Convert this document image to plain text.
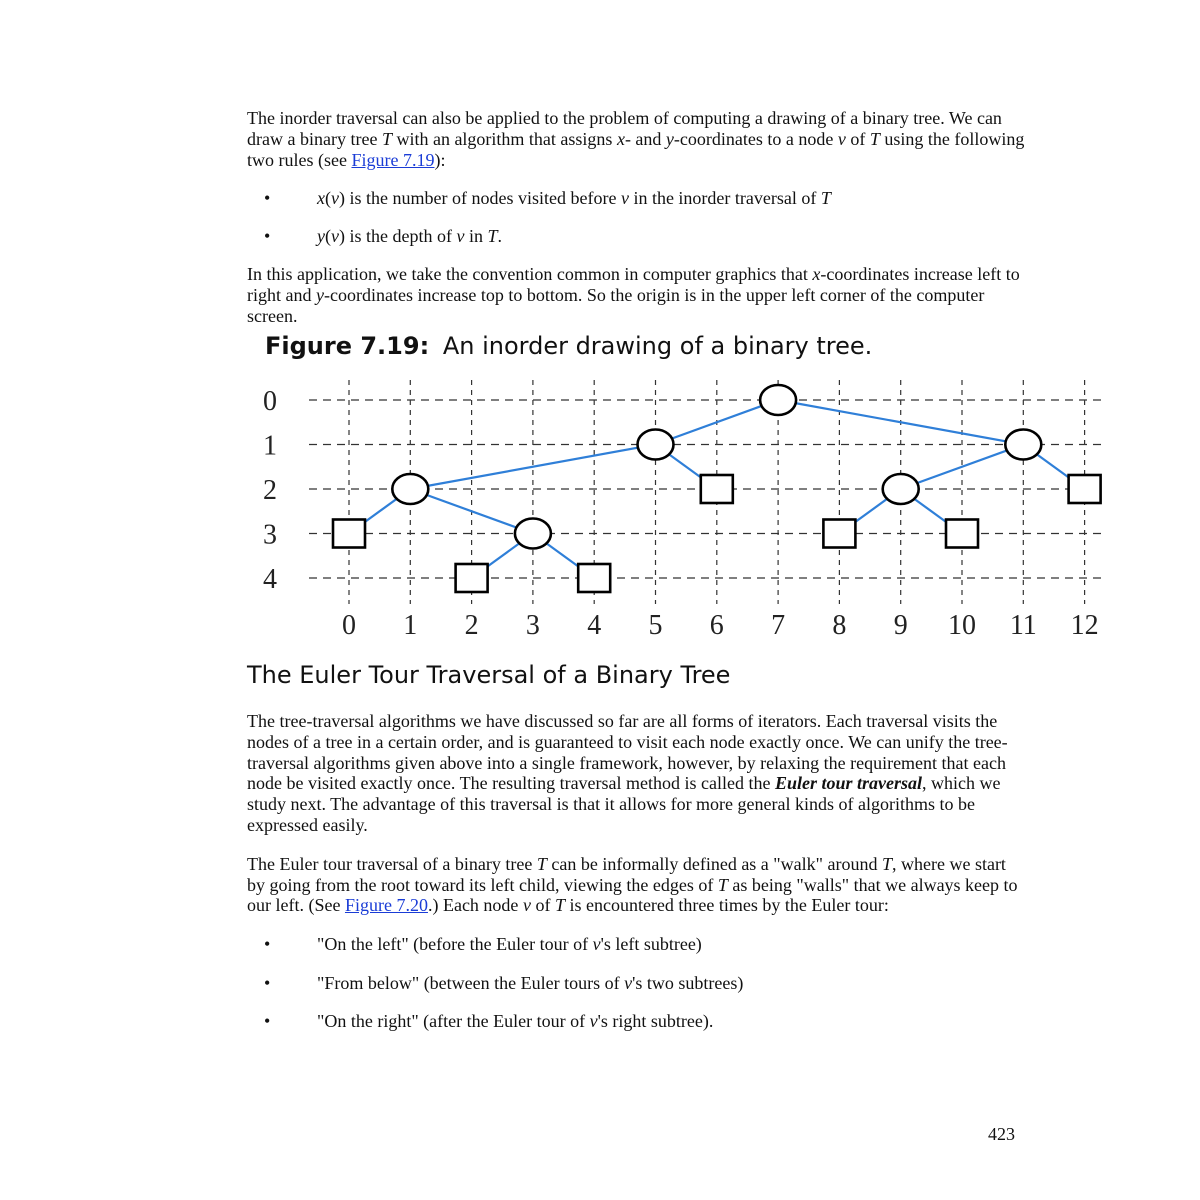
The inorder traversal can also be applied to the problem of computing a drawing of a binary tree. We can draw a binary tree T with an algorithm that assigns x- and y-coordinates to a node v of T using the following two rules (see Figure 7.19):

•	x(v) is the number of nodes visited before v in the inorder traversal of T
•	y(v) is the depth of v in T.

In this application, we take the convention common in computer graphics that x-coordinates increase left to right and y-coordinates increase top to bottom. So the origin is in the upper left corner of the computer screen.

Figure 7.19: An inorder drawing of a binary tree.
0
1
2
3
4
0 1 2 3 4 5 6 7 8 9 10 11 12
The Euler Tour Traversal of a Binary Tree

The tree-traversal algorithms we have discussed so far are all forms of iterators. Each traversal visits the nodes of a tree in a certain order, and is guaranteed to visit each node exactly once. We can unify the tree-traversal algorithms given above into a single framework, however, by relaxing the requirement that each node be visited exactly once. The resulting traversal method is called the Euler tour traversal, which we study next. The advantage of this traversal is that it allows for more general kinds of algorithms to be expressed easily.

The Euler tour traversal of a binary tree T can be informally defined as a "walk" around T, where we start by going from the root toward its left child, viewing the edges of T as being "walls" that we always keep to our left. (See Figure 7.20.) Each node v of T is encountered three times by the Euler tour:

•	"On the left" (before the Euler tour of v's left subtree)
•	"From below" (between the Euler tours of v's two subtrees)
•	"On the right" (after the Euler tour of v's right subtree).
423
